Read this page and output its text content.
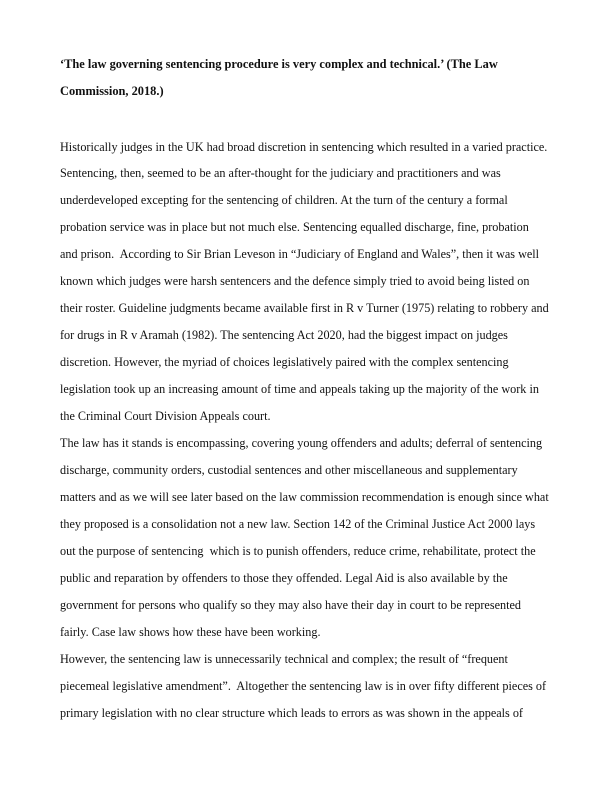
‘The law governing sentencing procedure is very complex and technical.’ (The Law
Commission, 2018.)
Historically judges in the UK had broad discretion in sentencing which resulted in a varied practice.
Sentencing, then, seemed to be an after-thought for the judiciary and practitioners and was
underdeveloped excepting for the sentencing of children. At the turn of the century a formal
probation service was in place but not much else. Sentencing equalled discharge, fine, probation
and prison.  According to Sir Brian Leveson in “Judiciary of England and Wales”, then it was well
known which judges were harsh sentencers and the defence simply tried to avoid being listed on
their roster. Guideline judgments became available first in R v Turner (1975) relating to robbery and
for drugs in R v Aramah (1982). The sentencing Act 2020, had the biggest impact on judges
discretion. However, the myriad of choices legislatively paired with the complex sentencing
legislation took up an increasing amount of time and appeals taking up the majority of the work in
the Criminal Court Division Appeals court.
The law has it stands is encompassing, covering young offenders and adults; deferral of sentencing
discharge, community orders, custodial sentences and other miscellaneous and supplementary
matters and as we will see later based on the law commission recommendation is enough since what
they proposed is a consolidation not a new law. Section 142 of the Criminal Justice Act 2000 lays
out the purpose of sentencing  which is to punish offenders, reduce crime, rehabilitate, protect the
public and reparation by offenders to those they offended. Legal Aid is also available by the
government for persons who qualify so they may also have their day in court to be represented
fairly. Case law shows how these have been working.
However, the sentencing law is unnecessarily technical and complex; the result of “frequent
piecemeal legislative amendment”.  Altogether the sentencing law is in over fifty different pieces of
primary legislation with no clear structure which leads to errors as was shown in the appeals of
